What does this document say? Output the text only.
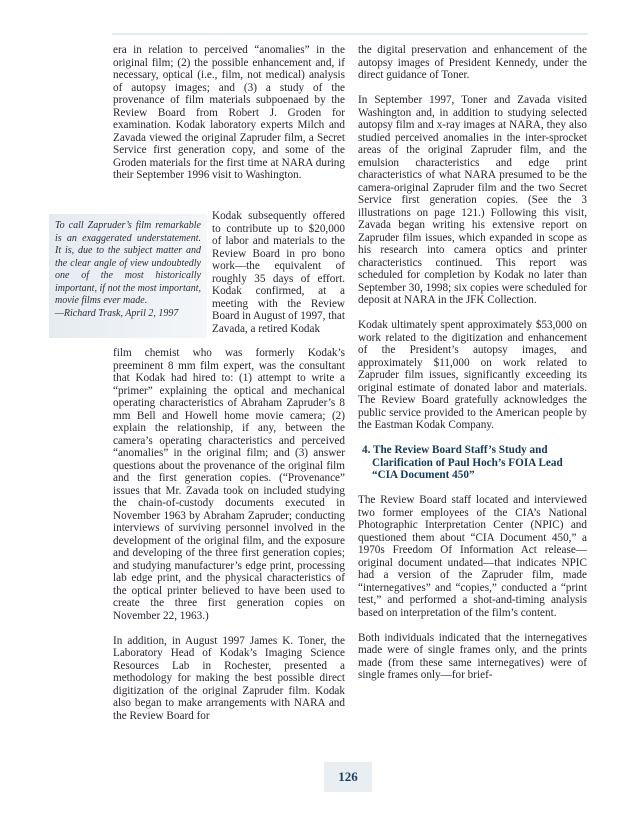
era in relation to perceived “anomalies” in the original film; (2) the possible enhancement and, if necessary, optical (i.e., film, not medical) analysis of autopsy images; and (3) a study of the provenance of film materials subpoenaed by the Review Board from Robert J. Groden for examination. Kodak laboratory experts Milch and Zavada viewed the original Zapruder film, a Secret Service first generation copy, and some of the Groden materials for the first time at NARA during their September 1996 visit to Washington.

To call Zapruder’s film remarkable is an exaggerated understatement. It is, due to the subject matter and the clear angle of view undoubtedly one of the most historically important, if not the most important, movie films ever made.
—Richard Trask, April 2, 1997

Kodak subsequently offered to contribute up to $20,000 of labor and materials to the Review Board in pro bono work—the equivalent of roughly 35 days of effort. Kodak confirmed, at a meeting with the Review Board in August of 1997, that Zavada, a retired Kodak

film chemist who was formerly Kodak’s preeminent 8 mm film expert, was the consultant that Kodak had hired to: (1) attempt to write a “primer” explaining the optical and mechanical operating characteristics of Abraham Zapruder’s 8 mm Bell and Howell home movie camera; (2) explain the relationship, if any, between the camera’s operating characteristics and perceived “anomalies” in the original film; and (3) answer questions about the provenance of the original film and the first generation copies. (“Provenance” issues that Mr. Zavada took on included studying the chain-of-custody documents executed in November 1963 by Abraham Zapruder; conducting interviews of surviving personnel involved in the development of the original film, and the exposure and developing of the three first generation copies; and studying manufacturer’s edge print, processing lab edge print, and the physical characteristics of the optical printer believed to have been used to create the three first generation copies on November 22, 1963.)

In addition, in August 1997 James K. Toner, the Laboratory Head of Kodak’s Imaging Science Resources Lab in Rochester, presented a methodology for making the best possible direct digitization of the original Zapruder film. Kodak also began to make arrangements with NARA and the Review Board for

the digital preservation and enhancement of the autopsy images of President Kennedy, under the direct guidance of Toner.

In September 1997, Toner and Zavada visited Washington and, in addition to studying selected autopsy film and x-ray images at NARA, they also studied perceived anomalies in the inter-sprocket areas of the original Zapruder film, and the emulsion characteristics and edge print characteristics of what NARA presumed to be the camera-original Zapruder film and the two Secret Service first generation copies. (See the 3 illustrations on page 121.) Following this visit, Zavada began writing his extensive report on Zapruder film issues, which expanded in scope as his research into camera optics and printer characteristics continued. This report was scheduled for completion by Kodak no later than September 30, 1998; six copies were scheduled for deposit at NARA in the JFK Collection.

Kodak ultimately spent approximately $53,000 on work related to the digitization and enhancement of the President’s autopsy images, and approximately $11,000 on work related to Zapruder film issues, significantly exceeding its original estimate of donated labor and materials. The Review Board gratefully acknowledges the public service provided to the American people by the Eastman Kodak Company.

4. The Review Board Staff’s Study and Clarification of Paul Hoch’s FOIA Lead “CIA Document 450”

The Review Board staff located and interviewed two former employees of the CIA’s National Photographic Interpretation Center (NPIC) and questioned them about “CIA Document 450,” a 1970s Freedom Of Information Act release—original document undated—that indicates NPIC had a version of the Zapruder film, made “internegatives” and “copies,” conducted a “print test,” and performed a shot-and-timing analysis based on interpretation of the film’s content.

Both individuals indicated that the internegatives made were of single frames only, and the prints made (from these same internegatives) were of single frames only—for brief-

126
